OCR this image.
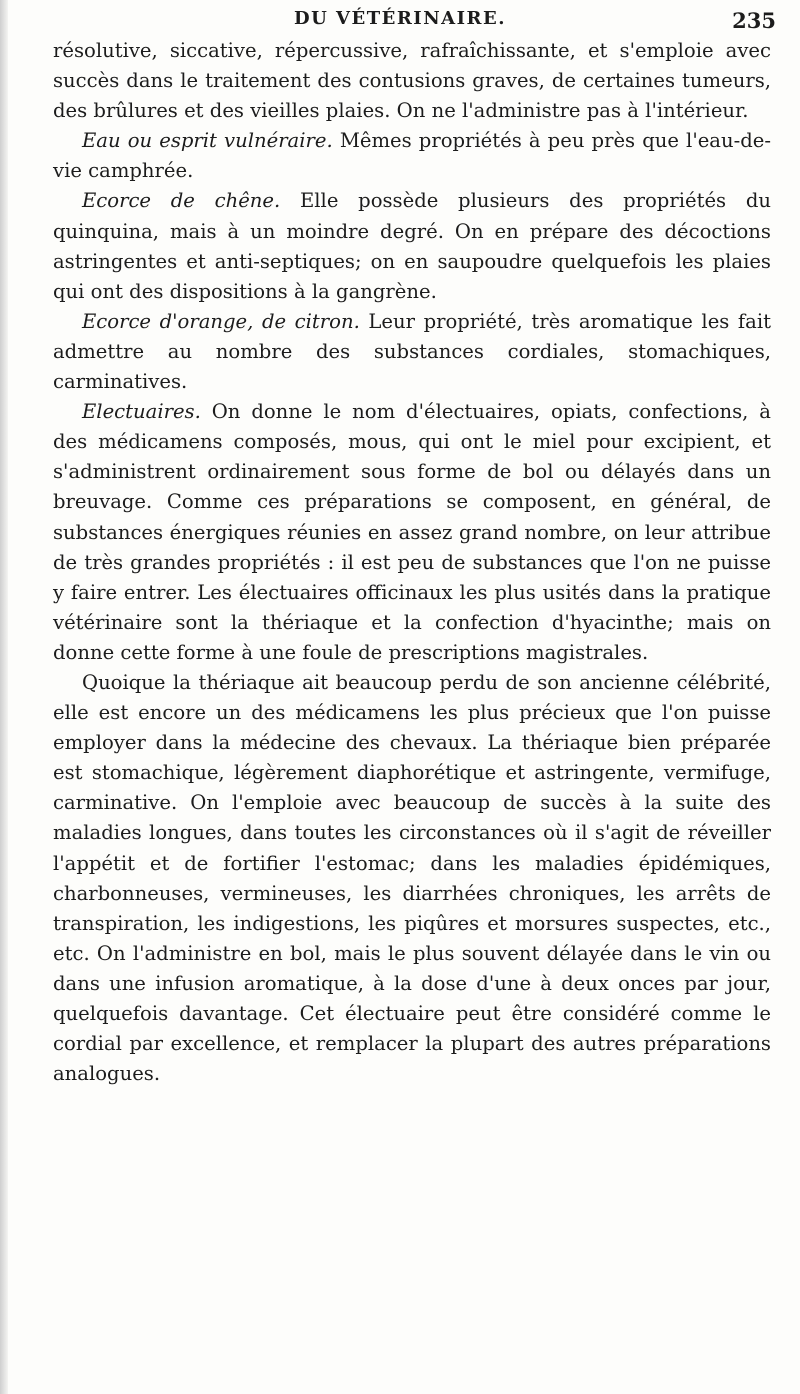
DU VÉTÉRINAIRE.	235

résolutive, siccative, répercussive, rafraîchissante, et s'emploie avec succès dans le traitement des contusions graves, de certaines tumeurs, des brûlures et des vieilles plaies. On ne l'administre pas à l'intérieur.

Eau ou esprit vulnéraire. Mêmes propriétés à peu près que l'eau-de-vie camphrée.

Ecorce de chêne. Elle possède plusieurs des propriétés du quinquina, mais à un moindre degré. On en prépare des décoctions astringentes et anti-septiques; on en saupoudre quelquefois les plaies qui ont des dispositions à la gangrène.

Ecorce d'orange, de citron. Leur propriété, très aromatique les fait admettre au nombre des substances cordiales, stomachiques, carminatives.

Electuaires. On donne le nom d'électuaires, opiats, confections, à des médicamens composés, mous, qui ont le miel pour excipient, et s'administrent ordinairement sous forme de bol ou délayés dans un breuvage. Comme ces préparations se composent, en général, de substances énergiques réunies en assez grand nombre, on leur attribue de très grandes propriétés : il est peu de substances que l'on ne puisse y faire entrer. Les électuaires officinaux les plus usités dans la pratique vétérinaire sont la thériaque et la confection d'hyacinthe; mais on donne cette forme à une foule de prescriptions magistrales.

Quoique la thériaque ait beaucoup perdu de son ancienne célébrité, elle est encore un des médicamens les plus précieux que l'on puisse employer dans la médecine des chevaux. La thériaque bien préparée est stomachique, légèrement diaphorétique et astringente, vermifuge, carminative. On l'emploie avec beaucoup de succès à la suite des maladies longues, dans toutes les circonstances où il s'agit de réveiller l'appétit et de fortifier l'estomac; dans les maladies épidémiques, charbonneuses, vermineuses, les diarrhées chroniques, les arrêts de transpiration, les indigestions, les piqûres et morsures suspectes, etc., etc. On l'administre en bol, mais le plus souvent délayée dans le vin ou dans une infusion aromatique, à la dose d'une à deux onces par jour, quelquefois davantage. Cet électuaire peut être considéré comme le cordial par excellence, et remplacer la plupart des autres préparations analogues.
